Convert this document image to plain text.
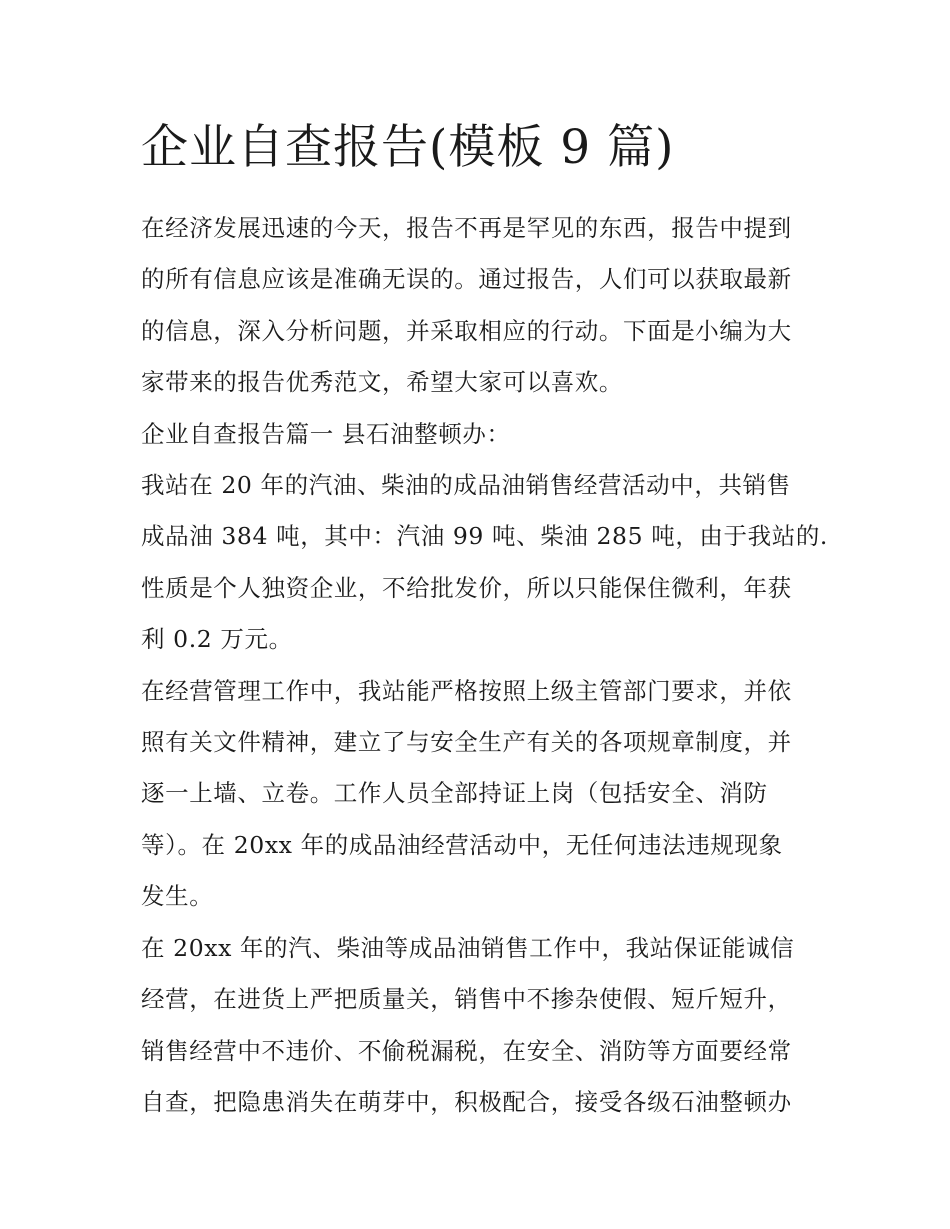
企业自查报告(模板 9 篇)

在经济发展迅速的今天，报告不再是罕见的东西，报告中提到
的所有信息应该是准确无误的。通过报告，人们可以获取最新
的信息，深入分析问题，并采取相应的行动。下面是小编为大
家带来的报告优秀范文，希望大家可以喜欢。

企业自查报告篇一 县石油整顿办：

我站在 20 年的汽油、柴油的成品油销售经营活动中，共销售
成品油 384 吨，其中：汽油 99 吨、柴油 285 吨，由于我站的.
性质是个人独资企业，不给批发价，所以只能保住微利，年获
利 0.2 万元。

在经营管理工作中，我站能严格按照上级主管部门要求，并依
照有关文件精神，建立了与安全生产有关的各项规章制度，并
逐一上墙、立卷。工作人员全部持证上岗（包括安全、消防
等）。在 20xx 年的成品油经营活动中，无任何违法违规现象
发生。

在 20xx 年的汽、柴油等成品油销售工作中，我站保证能诚信
经营，在进货上严把质量关，销售中不掺杂使假、短斤短升，
销售经营中不违价、不偷税漏税，在安全、消防等方面要经常
自查，把隐患消失在萌芽中，积极配合，接受各级石油整顿办
